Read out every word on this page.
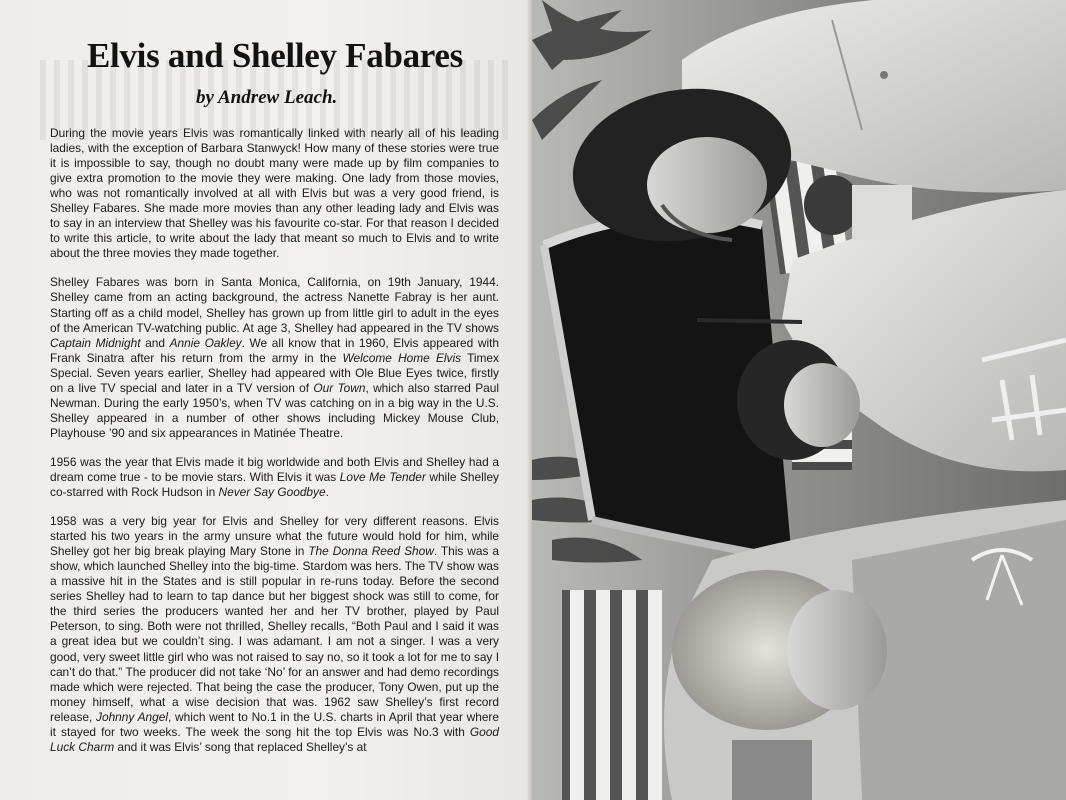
Elvis and Shelley Fabares

by Andrew Leach.

During the movie years Elvis was romantically linked with nearly all of his leading ladies, with the exception of Barbara Stanwyck! How many of these stories were true it is impossible to say, though no doubt many were made up by film companies to give extra promotion to the movie they were making. One lady from those movies, who was not romantically involved at all with Elvis but was a very good friend, is Shelley Fabares. She made more movies than any other leading lady and Elvis was to say in an interview that Shelley was his favourite co-star. For that reason I decided to write this article, to write about the lady that meant so much to Elvis and to write about the three movies they made together.

Shelley Fabares was born in Santa Monica, California, on 19th January, 1944. Shelley came from an acting background, the actress Nanette Fabray is her aunt. Starting off as a child model, Shelley has grown up from little girl to adult in the eyes of the American TV-watching public. At age 3, Shelley had appeared in the TV shows Captain Midnight and Annie Oakley. We all know that in 1960, Elvis appeared with Frank Sinatra after his return from the army in the Welcome Home Elvis Timex Special. Seven years earlier, Shelley had appeared with Ole Blue Eyes twice, firstly on a live TV special and later in a TV version of Our Town, which also starred Paul Newman. During the early 1950’s, when TV was catching on in a big way in the U.S. Shelley appeared in a number of other shows including Mickey Mouse Club, Playhouse ’90 and six appearances in Matinée Theatre.

1956 was the year that Elvis made it big worldwide and both Elvis and Shelley had a dream come true - to be movie stars. With Elvis it was Love Me Tender while Shelley co-starred with Rock Hudson in Never Say Goodbye.

1958 was a very big year for Elvis and Shelley for very different reasons. Elvis started his two years in the army unsure what the future would hold for him, while Shelley got her big break playing Mary Stone in The Donna Reed Show. This was a show, which launched Shelley into the big-time. Stardom was hers. The TV show was a massive hit in the States and is still popular in re-runs today. Before the second series Shelley had to learn to tap dance but her biggest shock was still to come, for the third series the producers wanted her and her TV brother, played by Paul Peterson, to sing. Both were not thrilled, Shelley recalls, “Both Paul and I said it was a great idea but we couldn’t sing. I was adamant. I am not a singer. I was a very good, very sweet little girl who was not raised to say no, so it took a lot for me to say I can’t do that.” The producer did not take ‘No’ for an answer and had demo recordings made which were rejected. That being the case the producer, Tony Owen, put up the money himself, what a wise decision that was. 1962 saw Shelley’s first record release, Johnny Angel, which went to No.1 in the U.S. charts in April that year where it stayed for two weeks. The week the song hit the top Elvis was No.3 with Good Luck Charm and it was Elvis’ song that replaced Shelley’s at
